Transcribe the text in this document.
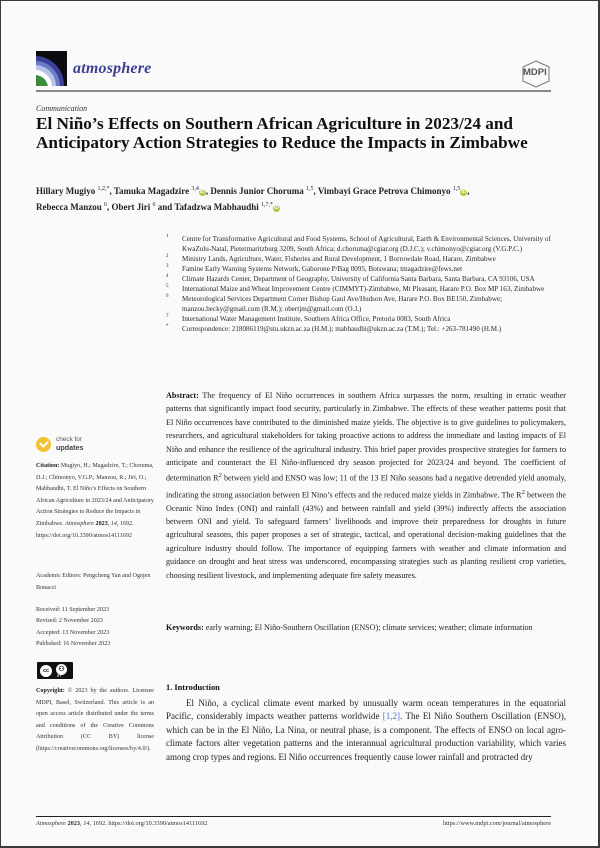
atmosphere	MDPI
Communication
El Niño’s Effects on Southern African Agriculture in 2023/24 and Anticipatory Action Strategies to Reduce the Impacts in Zimbabwe
Hillary Mugiyo $^{1,2,*}$, Tamuka Magadzire $^{3,4}$iD, Dennis Junior Choruma $^{1,5}$, Vimbayi Grace Petrova Chimonyo $^{1,5}$iD,
Rebecca Manzou $^6$, Obert Jiri $^6$ and Tafadzwa Mabhaudhi $^{1,7,*}$iD
1 Centre for Transformative Agricultural and Food Systems, School of Agricultural, Earth & Environmental Sciences, University of KwaZulu-Natal, Pietermaritzburg 3209, South Africa; d.choruma@cgiar.org (D.J.C.); v.chimonyo@cgiar.org (V.G.P.C.)
2 Ministry Lands, Agriculture, Water, Fisheries and Rural Development, 1 Borrowdale Road, Harare, Zimbabwe
3 Famine Early Warning Systems Network, Gaborone P/Bag 0095, Botswana; tmagadzire@fews.net
4 Climate Hazards Center, Department of Geography, University of California Santa Barbara, Santa Barbara, CA 93106, USA
5 International Maize and Wheat Improvement Centre (CIMMYT)-Zimbabwe, Mt Pleasant, Harare P.O. Box MP 163, Zimbabwe
6 Meteorological Services Department Corner Bishop Gaul Ave/Hudson Ave, Harare P.O. Box BE150, Zimbabwe; manzou.becky@gmail.com (R.M.); obertjm@gmail.com (O.J.)
7 International Water Management Institute, Southern Africa Office, Pretoria 0083, South Africa
* Correspondence: 218086119@stu.ukzn.ac.za (H.M.); mabhaudhi@ukzn.ac.za (T.M.); Tel.: +263-781490 (H.M.)
Abstract: The frequency of El Niño occurrences in southern Africa surpasses the norm, resulting in erratic weather patterns that significantly impact food security, particularly in Zimbabwe. The effects of these weather patterns posit that El Niño occurrences have contributed to the diminished maize yields. The objective is to give guidelines to policymakers, researchers, and agricultural stakeholders for taking proactive actions to address the immediate and lasting impacts of El Niño and enhance the resilience of the agricultural industry. This brief paper provides prospective strategies for farmers to anticipate and counteract the El Niño-influenced dry season projected for 2023/24 and beyond. The coefficient of determination $R^2$ between yield and ENSO was low; 11 of the 13 El Niño seasons had a negative detrended yield anomaly, indicating the strong association between El Nino’s effects and the reduced maize yields in Zimbabwe. The $R^2$ between the Oceanic Nino Index (ONI) and rainfall (43%) and between rainfall and yield (39%) indirectly affects the association between ONI and yield. To safeguard farmers’ livelihoods and improve their preparedness for droughts in future agricultural seasons, this paper proposes a set of strategic, tactical, and operational decision-making guidelines that the agriculture industry should follow. The importance of equipping farmers with weather and climate information and guidance on drought and heat stress was underscored, encompassing strategies such as planting resilient crop varieties, choosing resilient livestock, and implementing adequate fire safety measures.
Keywords: early warning; El Niño-Southern Oscillation (ENSO); climate services; weather; climate information
1. Introduction
El Niño, a cyclical climate event marked by unusually warm ocean temperatures in the equatorial Pacific, considerably impacts weather patterns worldwide [1,2]. The El Niño Southern Oscillation (ENSO), which can be in the El Niño, La Nina, or neutral phase, is a component. The effects of ENSO on local agro-climate factors alter vegetation patterns and the interannual agricultural production variability, which varies among crop types and regions. El Niño occurrences frequently cause lower rainfall and protracted dry
check for
updates
Citation: Mugiyo, H.; Magadzire, T.; Choruma, D.J.; Chimonyo, V.G.P.; Manzou, R.; Jiri, O.; Mabhaudhi, T. El Niño’s Effects on Southern African Agriculture in 2023/24 and Anticipatory Action Strategies to Reduce the Impacts in Zimbabwe. Atmosphere 2023, 14, 1692. https://doi.org/10.3390/atmos14111692
Academic Editors: Pengcheng Yan and Ognjen Bonacci
Received: 11 September 2023
Revised: 2 November 2023
Accepted: 13 November 2023
Published: 16 November 2023
cc	⚇
BY
Copyright: © 2023 by the authors. Licensee MDPI, Basel, Switzerland. This article is an open access article distributed under the terms and conditions of the Creative Commons Attribution (CC BY) license (https://creativecommons.org/licenses/by/4.0/).
Atmosphere 2023, 14, 1692. https://doi.org/10.3390/atmos14111692	https://www.mdpi.com/journal/atmosphere
